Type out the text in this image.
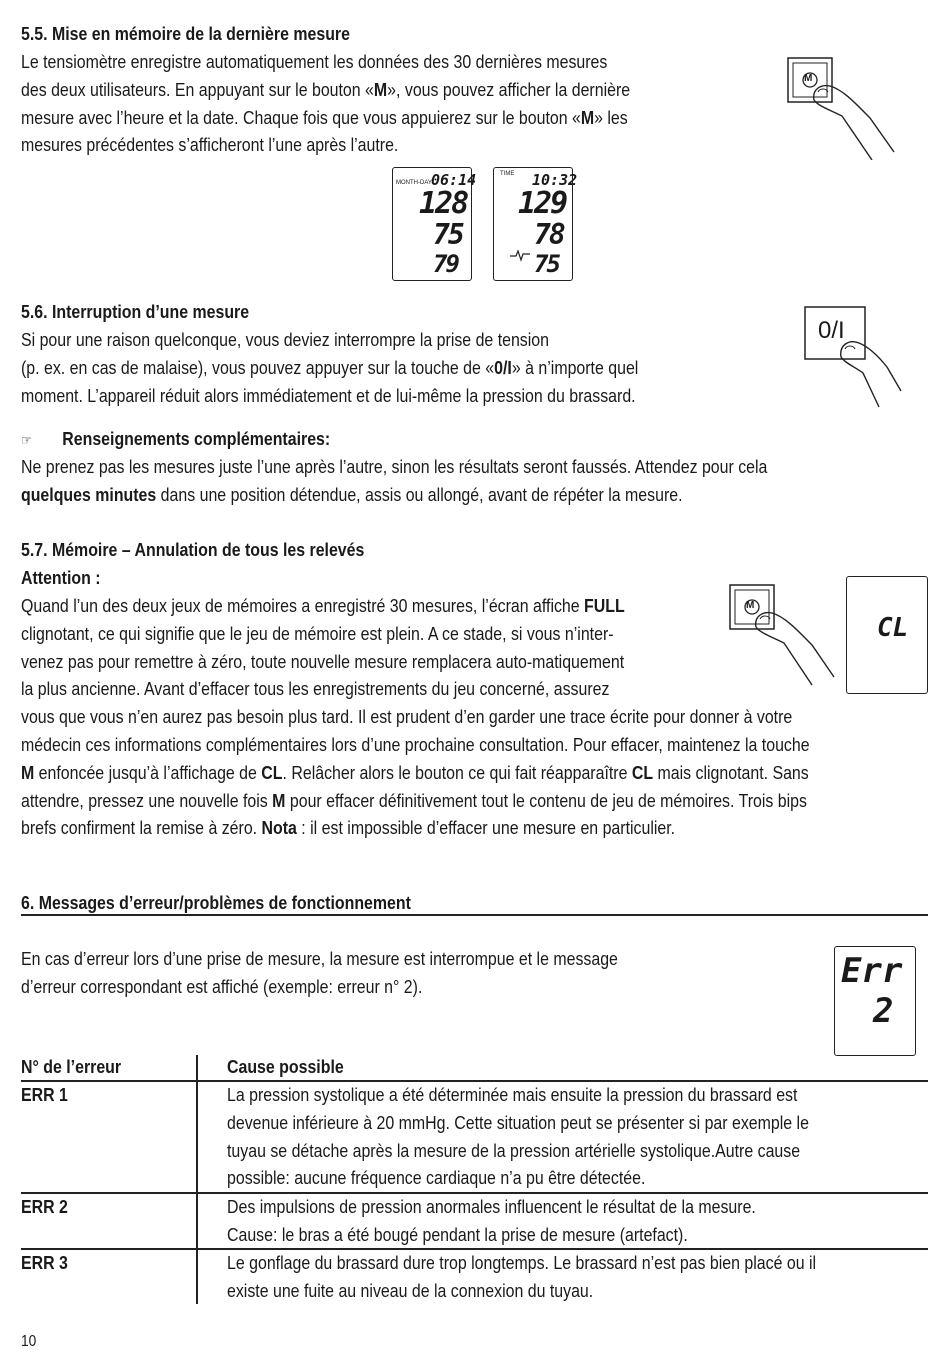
5.5. Mise en mémoire de la dernière mesure
Le tensiomètre enregistre automatiquement les données des 30 dernières mesures
des deux utilisateurs. En appuyant sur le bouton «M», vous pouvez afficher la dernière
mesure avec l’heure et la date. Chaque fois que vous appuierez sur le bouton «M» les
mesures précédentes s’afficheront l’une après l’autre.
M
MONTH-DAY 06:14
128
75
79
TIME 10:32
129
78
75
5.6. Interruption d’une mesure
Si pour une raison quelconque, vous deviez interrompre la prise de tension
(p. ex. en cas de malaise), vous pouvez appuyer sur la touche de «0/I» à n’importe quel
moment. L’appareil réduit alors immédiatement et de lui-même la pression du brassard.
0/I
☞ Renseignements complémentaires:
Ne prenez pas les mesures juste l’une après l’autre, sinon les résultats seront faussés. Attendez pour cela
quelques minutes dans une position détendue, assis ou allongé, avant de répéter la mesure.
5.7. Mémoire – Annulation de tous les relevés
Attention :
Quand l’un des deux jeux de mémoires a enregistré 30 mesures, l’écran affiche FULL
clignotant, ce qui signifie que le jeu de mémoire est plein. A ce stade, si vous n’inter-
venez pas pour remettre à zéro, toute nouvelle mesure remplacera auto-matiquement
la plus ancienne. Avant d’effacer tous les enregistrements du jeu concerné, assurez
vous que vous n’en aurez pas besoin plus tard. Il est prudent d’en garder une trace écrite pour donner à votre
médecin ces informations complémentaires lors d’une prochaine consultation. Pour effacer, maintenez la touche
M enfoncée jusqu’à l’affichage de CL. Relâcher alors le bouton ce qui fait réapparaître CL mais clignotant. Sans
attendre, pressez une nouvelle fois M pour effacer définitivement tout le contenu de jeu de mémoires. Trois bips
brefs confirment la remise à zéro. Nota : il est impossible d’effacer une mesure en particulier.
M
CL
6. Messages d’erreur/problèmes de fonctionnement
En cas d’erreur lors d’une prise de mesure, la mesure est interrompue et le message
d’erreur correspondant est affiché (exemple: erreur n° 2).	Err
2
N° de l’erreur	Cause possible
ERR 1	La pression systolique a été déterminée mais ensuite la pression du brassard est
devenue inférieure à 20 mmHg. Cette situation peut se présenter si par exemple le
tuyau se détache après la mesure de la pression artérielle systolique.Autre cause
possible: aucune fréquence cardiaque n’a pu être détectée.
ERR 2	Des impulsions de pression anormales influencent le résultat de la mesure.
Cause: le bras a été bougé pendant la prise de mesure (artefact).
ERR 3	Le gonflage du brassard dure trop longtemps. Le brassard n’est pas bien placé ou il
existe une fuite au niveau de la connexion du tuyau.
10
